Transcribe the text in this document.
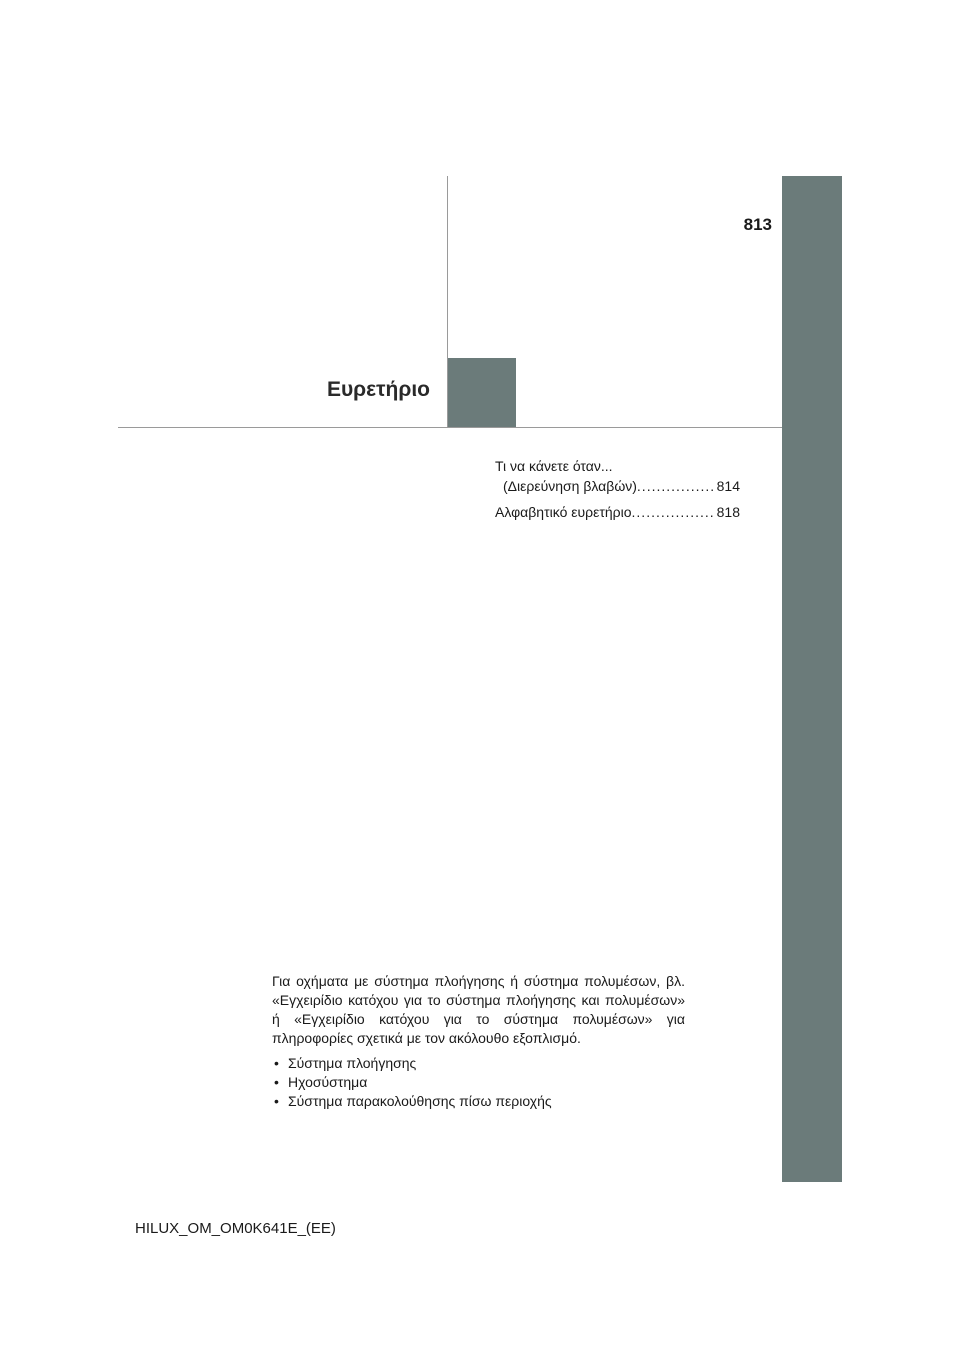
813
Ευρετήριο
Τι να κάνετε όταν...
(Διερεύνηση βλαβών) .....	814
Αλφαβητικό ευρετήριο .....	818

Για οχήματα με σύστημα πλοήγησης ή σύστημα πολυμέσων, βλ. «Εγχειρίδιο κατόχου για το σύστημα πλοήγησης και πολυμέσων» ή «Εγχειρίδιο κατόχου για το σύστημα πολυμέσων» για πληροφορίες σχετικά με τον ακόλουθο εξοπλισμό.

• Σύστημα πλοήγησης
• Ηχοσύστημα
• Σύστημα παρακολούθησης πίσω περιοχής
HILUX_OM_OM0K641E_(EE)
